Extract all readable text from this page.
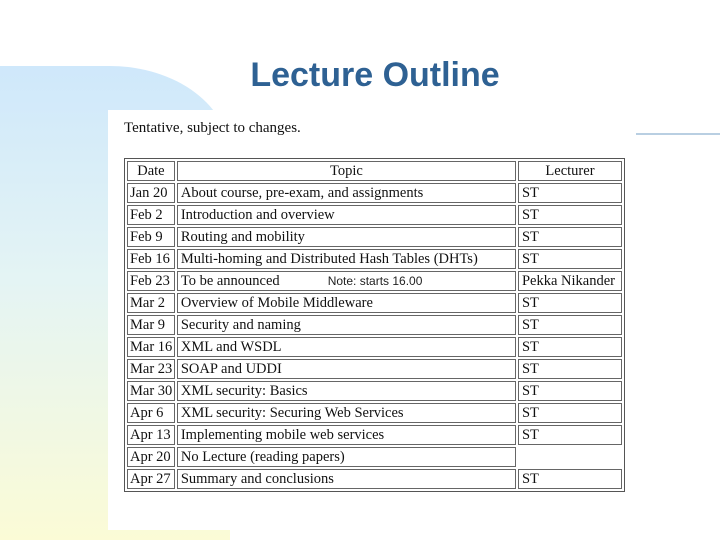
Lecture Outline
Tentative, subject to changes.
Date	Topic	Lecturer
Jan 20	About course, pre-exam, and assignments	ST
Feb 2	Introduction and overview	ST
Feb 9	Routing and mobility	ST
Feb 16	Multi-homing and Distributed Hash Tables (DHTs)	ST
Feb 23	To be announced Note: starts 16.00	Pekka Nikander
Mar 2	Overview of Mobile Middleware	ST
Mar 9	Security and naming	ST
Mar 16	XML and WSDL	ST
Mar 23	SOAP and UDDI	ST
Mar 30	XML security: Basics	ST
Apr 6	XML security: Securing Web Services	ST
Apr 13	Implementing mobile web services	ST
Apr 20	No Lecture (reading papers)	
Apr 27	Summary and conclusions	ST
